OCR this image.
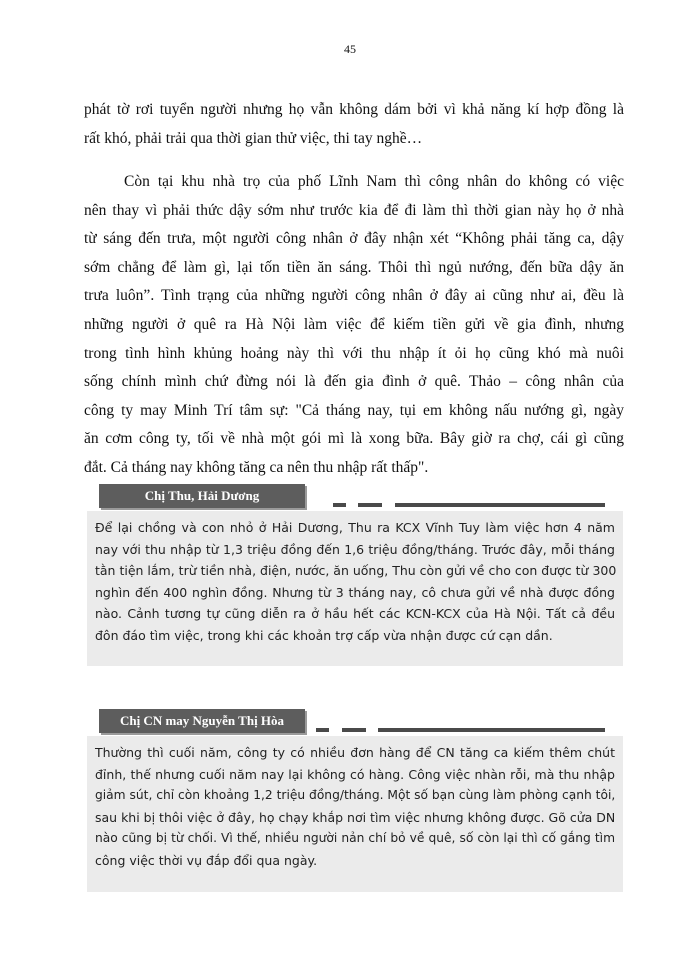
45

phát tờ rơi tuyển người nhưng họ vẫn không dám bởi vì khả năng kí hợp đồng là
rất khó, phải trải qua thời gian thử việc, thi tay nghề…

Còn tại khu nhà trọ của phố Lĩnh Nam thì công nhân do không có việc
nên thay vì phải thức dậy sớm như trước kia để đi làm thì thời gian này họ ở nhà
từ sáng đến trưa, một người công nhân ở đây nhận xét “Không phải tăng ca, dậy
sớm chẳng để làm gì, lại tốn tiền ăn sáng. Thôi thì ngủ nướng, đến bữa dậy ăn
trưa luôn”. Tình trạng của những người công nhân ở đây ai cũng như ai, đều là
những người ở quê ra Hà Nội làm việc để kiếm tiền gửi về gia đình, nhưng
trong tình hình khủng hoảng này thì với thu nhập ít ỏi họ cũng khó mà nuôi
sống chính mình chứ đừng nói là đến gia đình ở quê. Thảo – công nhân của
công ty may Minh Trí tâm sự: "Cả tháng nay, tụi em không nấu nướng gì, ngày
ăn cơm công ty, tối về nhà một gói mì là xong bữa. Bây giờ ra chợ, cái gì cũng
đắt. Cả tháng nay không tăng ca nên thu nhập rất thấp".

Chị Thu, Hải Dương
Để lại chồng và con nhỏ ở Hải Dương, Thu ra KCX Vĩnh Tuy làm việc hơn 4 năm
nay với thu nhập từ 1,3 triệu đồng đến 1,6 triệu đồng/tháng. Trước đây, mỗi tháng
tằn tiện lắm, trừ tiền nhà, điện, nước, ăn uống, Thu còn gửi về cho con được từ 300
nghìn đến 400 nghìn đồng. Nhưng từ 3 tháng nay, cô chưa gửi về nhà được đồng
nào. Cảnh tương tự cũng diễn ra ở hầu hết các KCN-KCX của Hà Nội. Tất cả đều
đôn đáo tìm việc, trong khi các khoản trợ cấp vừa nhận được cứ cạn dần.
Chị CN may Nguyễn Thị Hòa
Thường thì cuối năm, công ty có nhiều đơn hàng để CN tăng ca kiếm thêm chút
đỉnh, thế nhưng cuối năm nay lại không có hàng. Công việc nhàn rỗi, mà thu nhập
giảm sút, chỉ còn khoảng 1,2 triệu đồng/tháng. Một số bạn cùng làm phòng cạnh tôi,
sau khi bị thôi việc ở đây, họ chạy khắp nơi tìm việc nhưng không được. Gõ cửa DN
nào cũng bị từ chối. Vì thế, nhiều người nản chí bỏ về quê, số còn lại thì cố gắng tìm
công việc thời vụ đắp đổi qua ngày.
